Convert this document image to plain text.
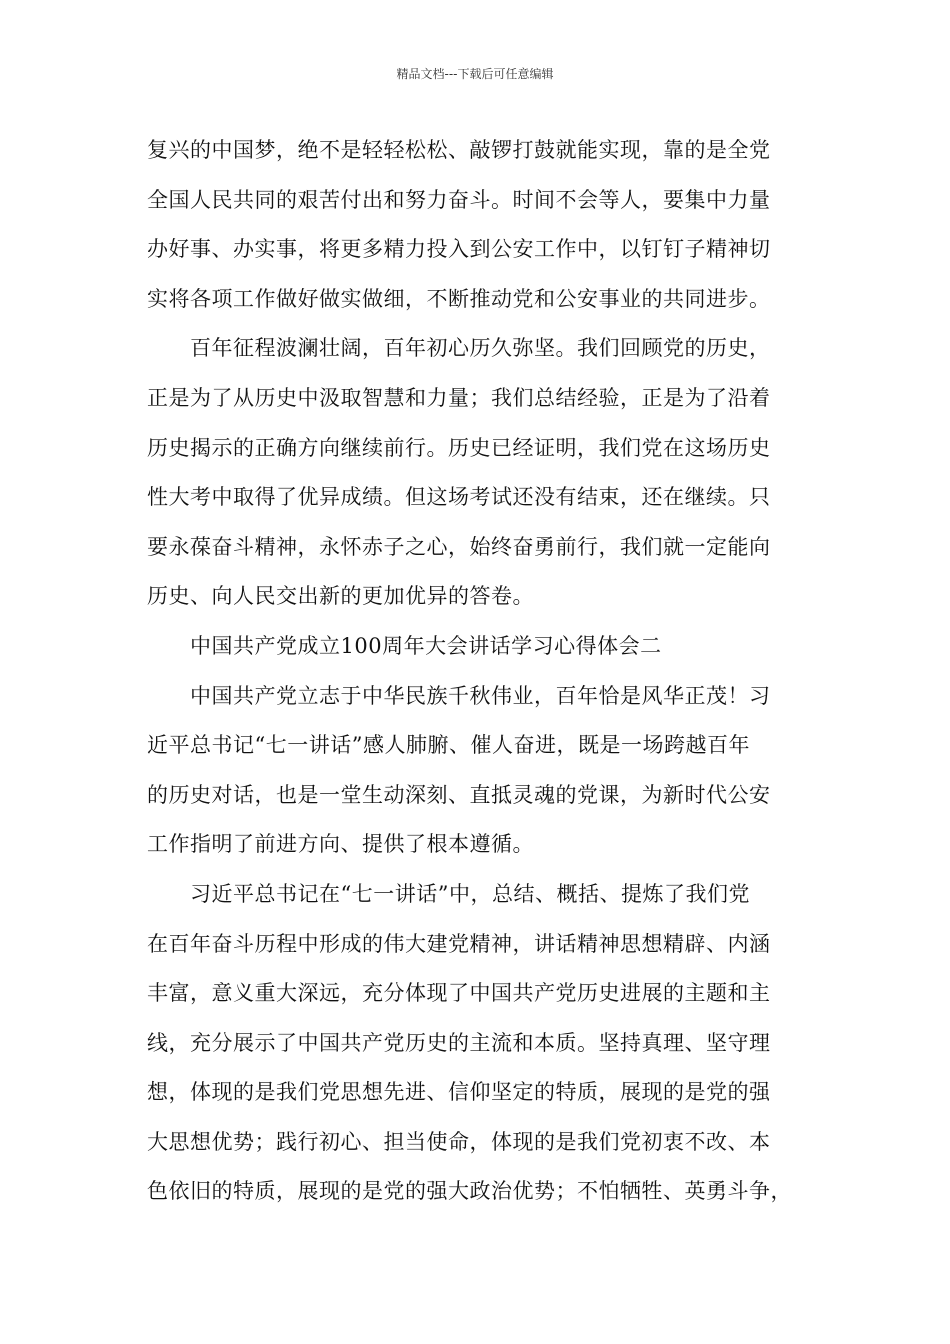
精品文档---下载后可任意编辑
复兴的中国梦，绝不是轻轻松松、敲锣打鼓就能实现，靠的是全党
全国人民共同的艰苦付出和努力奋斗。时间不会等人，要集中力量
办好事、办实事，将更多精力投入到公安工作中，以钉钉子精神切
实将各项工作做好做实做细，不断推动党和公安事业的共同进步。
百年征程波澜壮阔，百年初心历久弥坚。我们回顾党的历史，
正是为了从历史中汲取智慧和力量；我们总结经验，正是为了沿着
历史揭示的正确方向继续前行。历史已经证明，我们党在这场历史
性大考中取得了优异成绩。但这场考试还没有结束，还在继续。只
要永葆奋斗精神，永怀赤子之心，始终奋勇前行，我们就一定能向
历史、向人民交出新的更加优异的答卷。
中国共产党成立100周年大会讲话学习心得体会二
中国共产党立志于中华民族千秋伟业，百年恰是风华正茂！习
近平总书记“七一讲话”感人肺腑、催人奋进，既是一场跨越百年
的历史对话，也是一堂生动深刻、直抵灵魂的党课，为新时代公安
工作指明了前进方向、提供了根本遵循。
习近平总书记在“七一讲话”中，总结、概括、提炼了我们党
在百年奋斗历程中形成的伟大建党精神，讲话精神思想精辟、内涵
丰富，意义重大深远，充分体现了中国共产党历史进展的主题和主
线，充分展示了中国共产党历史的主流和本质。坚持真理、坚守理
想，体现的是我们党思想先进、信仰坚定的特质，展现的是党的强
大思想优势；践行初心、担当使命，体现的是我们党初衷不改、本
色依旧的特质，展现的是党的强大政治优势；不怕牺牲、英勇斗争，
